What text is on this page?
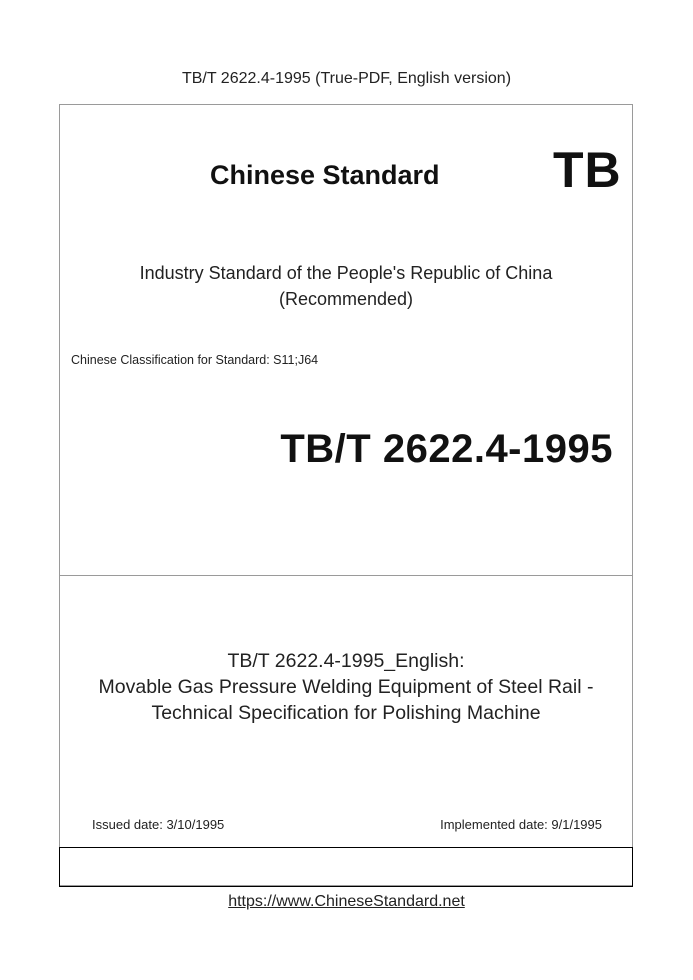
TB/T 2622.4-1995 (True-PDF, English version)
Chinese Standard TB
Industry Standard of the People's Republic of China
(Recommended)
Chinese Classification for Standard: S11;J64
TB/T 2622.4-1995
TB/T 2622.4-1995_English:
Movable Gas Pressure Welding Equipment of Steel Rail -
Technical Specification for Polishing Machine
Issued date: 3/10/1995	Implemented date: 9/1/1995
https://www.ChineseStandard.net
